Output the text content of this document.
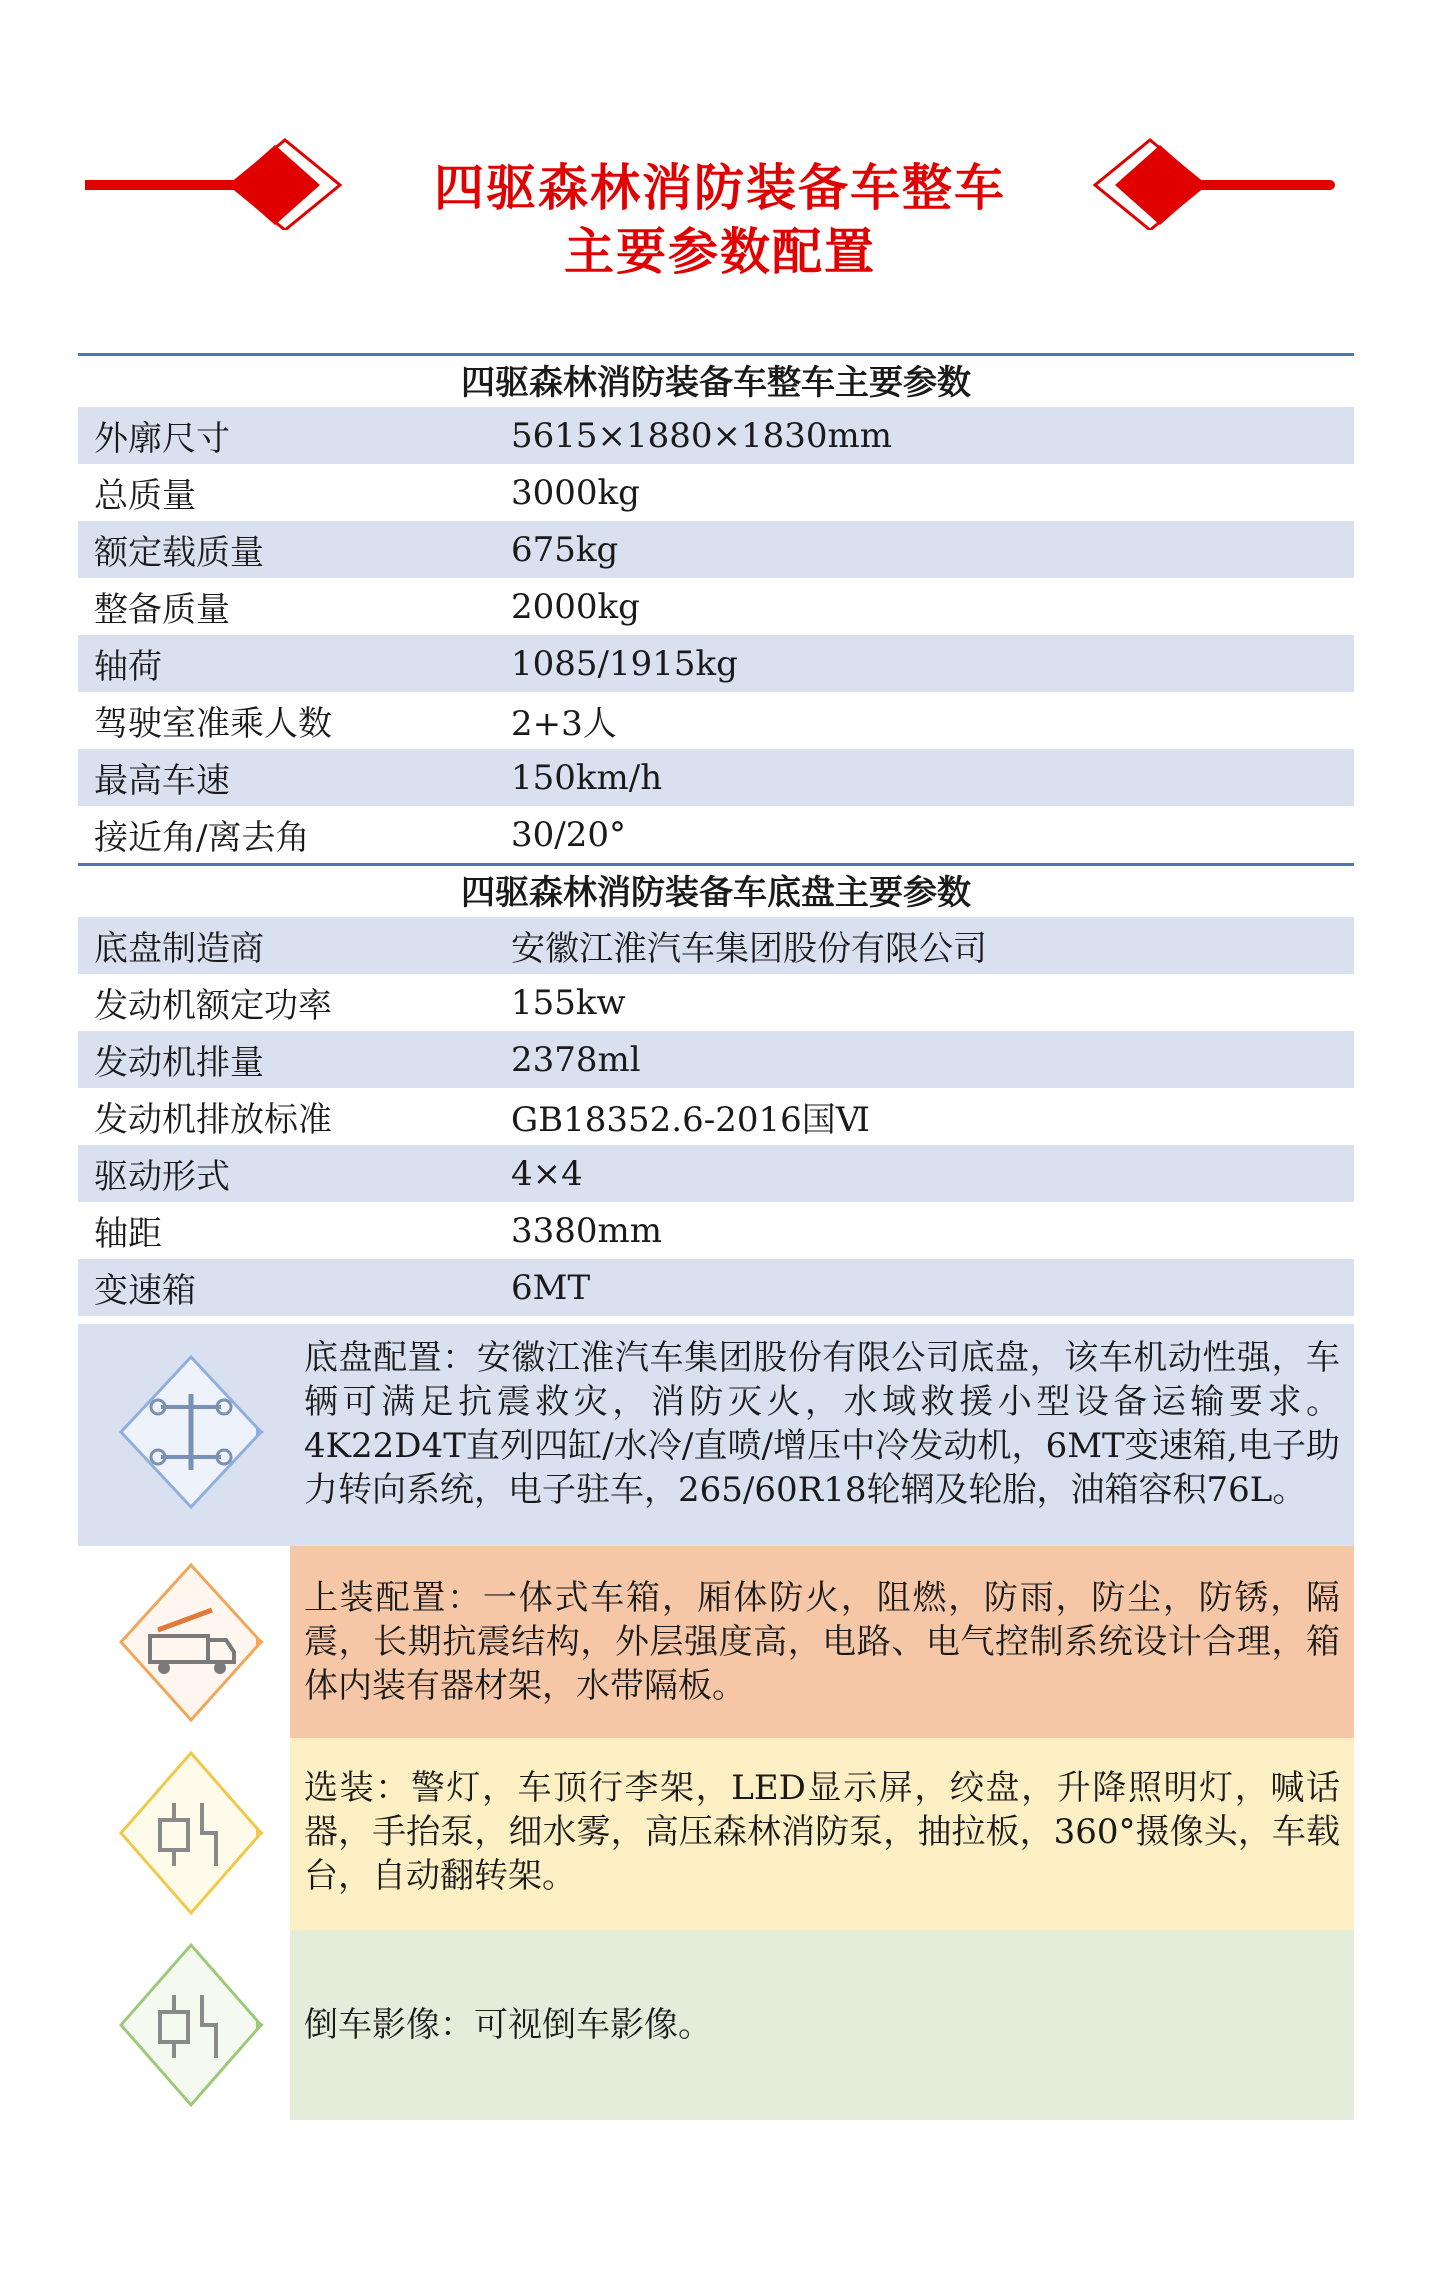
四驱森林消防装备车整车
主要参数配置
四驱森林消防装备车整车主要参数
外廓尺寸	5615×1880×1830mm
总质量	3000kg
额定载质量	675kg
整备质量	2000kg
轴荷	1085/1915kg
驾驶室准乘人数	2+3人
最高车速	150km/h
接近角/离去角	30/20°
四驱森林消防装备车底盘主要参数
底盘制造商	安徽江淮汽车集团股份有限公司
发动机额定功率	155kw
发动机排量	2378ml
发动机排放标准	GB18352.6-2016国Ⅵ
驱动形式	4×4
轴距	3380mm
变速箱	6MT
底盘配置：安徽江淮汽车集团股份有限公司底盘，该车机动性强，车辆可满足抗震救灾，消防灭火，水域救援小型设备运输要求。4K22D4T直列四缸/水冷/直喷/增压中冷发动机，6MT变速箱,电子助力转向系统，电子驻车，265/60R18轮辋及轮胎，油箱容积76L。
上装配置：一体式车箱，厢体防火，阻燃，防雨，防尘，防锈，隔震，长期抗震结构，外层强度高，电路、电气控制系统设计合理，箱体内装有器材架，水带隔板。
选装：警灯，车顶行李架，LED显示屏，绞盘，升降照明灯，喊话器，手抬泵，细水雾，高压森林消防泵，抽拉板，360°摄像头，车载台，自动翻转架。
倒车影像：可视倒车影像。
